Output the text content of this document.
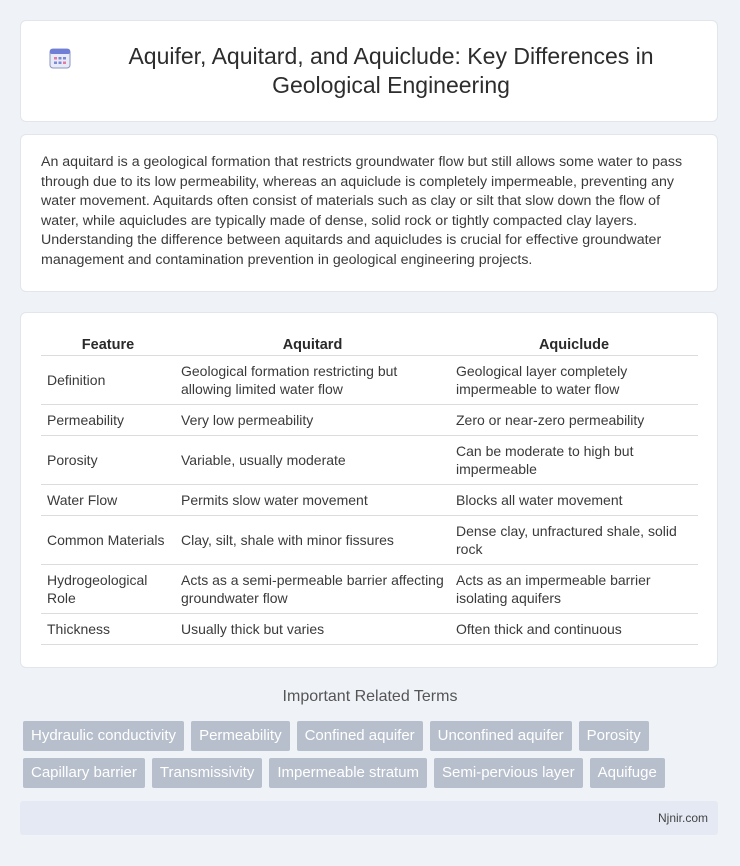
Aquifer, Aquitard, and Aquiclude: Key Differences in Geological Engineering

An aquitard is a geological formation that restricts groundwater flow but still allows some water to pass through due to its low permeability, whereas an aquiclude is completely impermeable, preventing any water movement. Aquitards often consist of materials such as clay or silt that slow down the flow of water, while aquicludes are typically made of dense, solid rock or tightly compacted clay layers. Understanding the difference between aquitards and aquicludes is crucial for effective groundwater management and contamination prevention in geological engineering projects.

Feature	Aquitard	Aquiclude
Definition	Geological formation restricting but allowing limited water flow	Geological layer completely impermeable to water flow
Permeability	Very low permeability	Zero or near-zero permeability
Porosity	Variable, usually moderate	Can be moderate to high but impermeable
Water Flow	Permits slow water movement	Blocks all water movement
Common Materials	Clay, silt, shale with minor fissures	Dense clay, unfractured shale, solid rock
Hydrogeological Role	Acts as a semi-permeable barrier affecting groundwater flow	Acts as an impermeable barrier isolating aquifers
Thickness	Usually thick but varies	Often thick and continuous
Important Related Terms
Hydraulic conductivity	Permeability	Confined aquifer	Unconfined aquifer	Porosity
Capillary barrier	Transmissivity	Impermeable stratum	Semi-pervious layer	Aquifuge
Njnir.com
